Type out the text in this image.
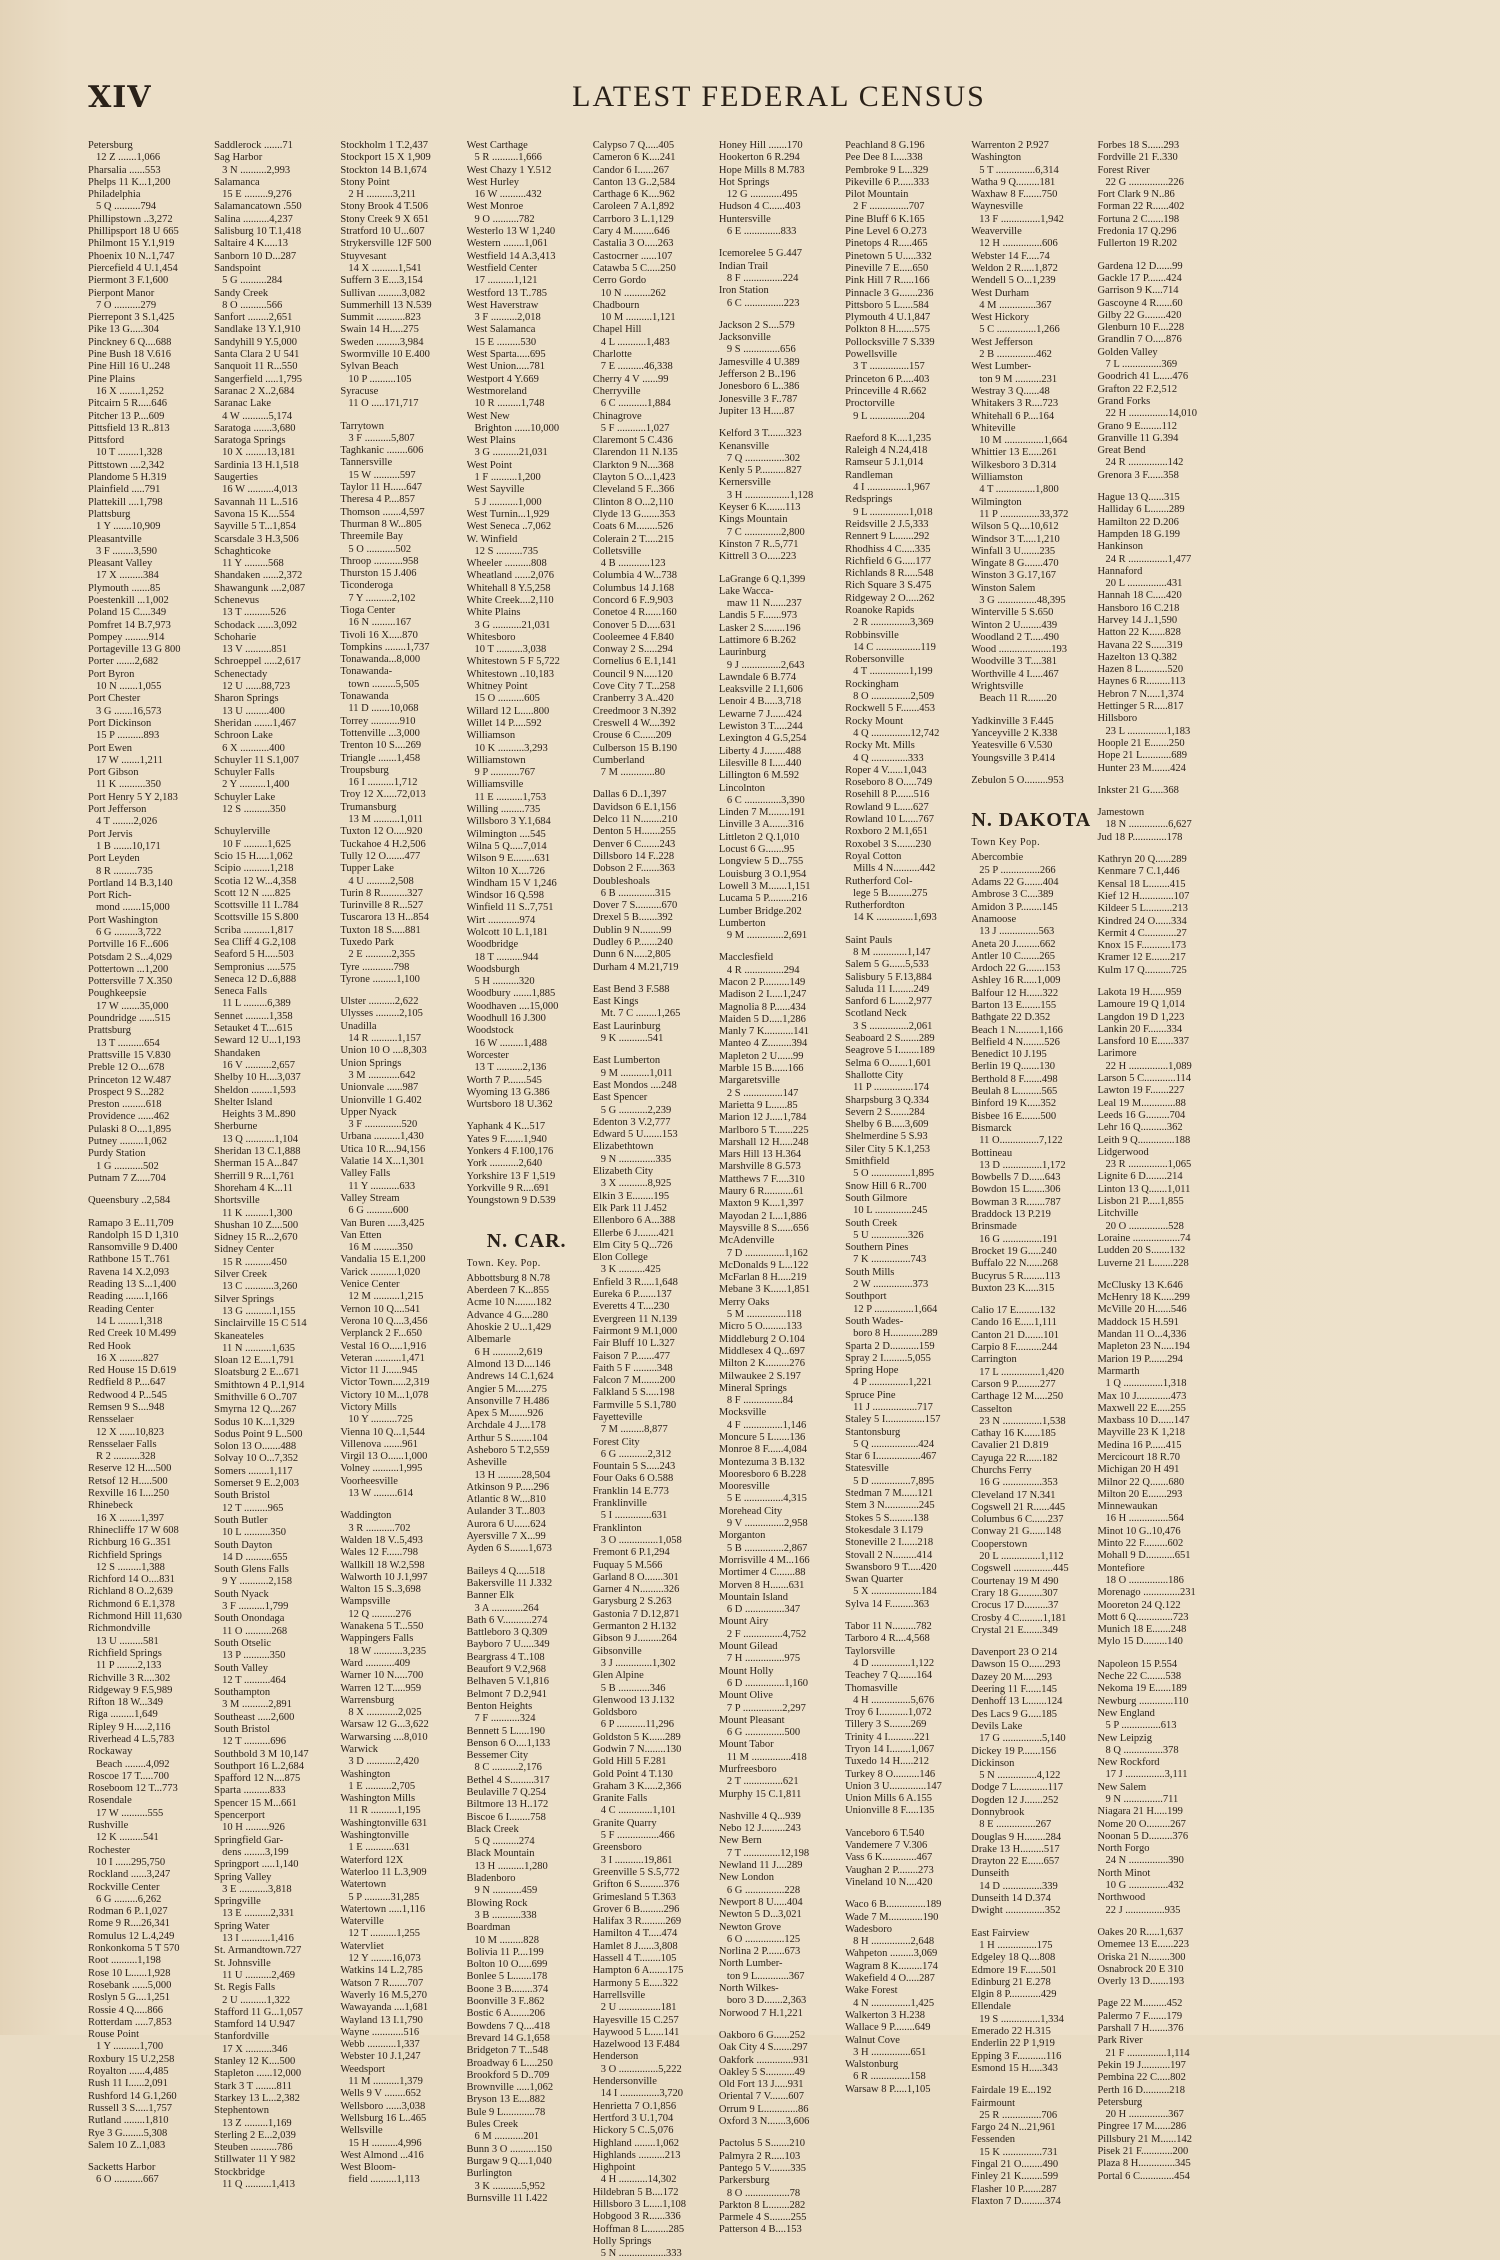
XIV	LATEST FEDERAL CENSUS
Petersburg
12 Z .......1,066
Pharsalia ......553
Phelps 11 K...1,200
Philadelphia
5 Q ..........794
Phillipstown ..3,272
Phillipsport 18 U 665
Philmont 15 Y.1,919
Phoenix 10 N..1,747
Piercefield 4 U.1,454
Piermont 3 F.1,600
Pierpont Manor
7 O ..........279
Pierrepont 3 S.1,425
Pike 13 G.....304
Pinckney 6 Q....688
Pine Bush 18 V.616
Pine Hill 16 U..248
Pine Plains
16 X ........1,252
Pitcairn 5 R.....646
Pitcher 13 P....609
Pittsfield 13 R..813
Pittsford
10 T ........1,328
Pittstown ....2,342
Plandome 5 H.319
Plainfield .....791
Plattekill ....1,798
Plattsburg
1 Y .......10,909
Pleasantville
3 F ........3,590
Pleasant Valley
17 X .........384
Plymouth .......85
Poestenkill ...1,002
Poland 15 C....349
Pomfret 14 B.7,973
Pompey .........914
Portageville 13 G 800
Porter .......2,682
Port Byron
10 N .......1,055
Port Chester
3 G .......16,573
Port Dickinson
15 P ..........893
Port Ewen
17 W .......1,211
Port Gibson
11 K ..........350
Port Henry 5 Y 2,183
Port Jefferson
4 T ........2,026
Port Jervis
1 B .......10,171
Port Leyden
8 R .........735
Portland 14 B.3,140
Port Rich-
mond .......15,000
Port Washington
6 G .........3,722
Portville 16 F...606
Potsdam 2 S...4,029
Pottertown ...1,200
Pottersville 7 X.350
Poughkeepsie
17 W .......35,000
Poundridge ......515
Prattsburg
13 T ..........654
Prattsville 15 V.830
Preble 12 O....678
Princeton 12 W.487
Prospect 9 S...282
Preston .........618
Providence ......462
Pulaski 8 O....1,895
Putney .........1,062
Purdy Station
1 G ...........502
Putnam 7 Z.....704
Queensbury ..2,584
Ramapo 3 E..11,709
Randolph 15 D 1,310
Ransomville 9 D.400
Rathbone 15 T..761
Ravena 14 X.2,093
Reading 13 S...1,400
Reading .......1,166
Reading Center
14 L ........1,318
Red Creek 10 M.499
Red Hook
16 X .........827
Red House 15 D.619
Redfield 8 P....647
Redwood 4 P...545
Remsen 9 S....948
Rensselaer
12 X ......10,823
Rensselaer Falls
R 2 ..........328
Reserve 12 H....500
Retsof 12 H.....500
Rexville 16 I....250
Rhinebeck
16 X ........1,397
Rhinecliffe 17 W 608
Richburg 16 G..351
Richfield Springs
12 S .........1,388
Richford 14 O....831
Richland 8 O..2,639
Richmond 6 E.1,378
Richmond Hill 11,630
Richmondville
13 U .........581
Richfield Springs
11 P ........2,133
Richville 3 R....302
Ridgeway 9 F.5,989
Rifton 18 W...349
Riga .........1,649
Ripley 9 H.....2,116
Riverhead 4 L.5,783
Rockaway
Beach ........4,092
Roscoe 17 T.....700
Roseboom 12 T...773
Rosendale
17 W ..........555
Rushville
12 K .........541
Rochester
10 I ......295,750
Rockland ......3,247
Rockville Center
6 G .........6,262
Rodman 6 P..1,027
Rome 9 R....26,341
Romulus 12 L.4,249
Ronkonkoma 5 T 570
Root ..........1,198
Rose 10 L......1,928
Rosebank ......5,000
Roslyn 5 G....1,251
Rossie 4 Q.....866
Rotterdam .....7,853
Rouse Point
1 Y ..........1,700
Roxbury 15 U.2,258
Royalton ......4,485
Rush 11 I......2,091
Rushford 14 G.1,260
Russell 3 S.....1,757
Rutland ........1,810
Rye 3 G........5,308
Salem 10 Z..1,083
Sacketts Harbor
6 O ...........667
Saddlerock .......71
Sag Harbor
3 N ..........2,993
Salamanca
15 E .........9,276
Salamancatown .550
Salina ..........4,237
Salisburg 10 T.1,418
Saltaire 4 K.....13
Sanborn 10 D...287
Sandspoint
5 G ..........284
Sandy Creek
8 O ..........566
Sanfort ........2,651
Sandlake 13 Y.1,910
Sandyhill 9 Y.5,000
Santa Clara 2 U 541
Sanquoit 11 R...550
Sangerfield .....1,795
Saranac 2 X..2,684
Saranac Lake
4 W ..........5,174
Saratoga .......3,680
Saratoga Springs
10 X ........13,181
Sardinia 13 H.1,518
Saugerties
16 W ..........4,013
Savannah 11 L..516
Savona 15 K....554
Sayville 5 T...1,854
Scarsdale 3 H.3,506
Schaghticoke
11 Y .........568
Shandaken ......2,372
Shawangunk ....2,087
Schenevus
13 T ..........526
Schodack ......3,092
Schoharie
13 V ..........851
Schroeppel .....2,617
Schenectady
12 U ......88,723
Sharon Springs
13 U .........400
Sheridan .......1,467
Schroon Lake
6 X ...........400
Schuyler 11 S.1,007
Schuyler Falls
2 Y ..........1,400
Schuyler Lake
12 S ..........350
Schuylerville
10 F .........1,625
Scio 15 H.....1,062
Scipio ..........1,218
Scotia 12 W...4,358
Scott 12 N .....825
Scottsville 11 I..784
Scottsville 15 S.800
Scriba ..........1,817
Sea Cliff 4 G.2,108
Seaford 5 H.....503
Sempronius .....575
Seneca 12 D..6,888
Seneca Falls
11 L .........6,389
Sennet .........1,358
Setauket 4 T....615
Seward 12 U...1,193
Shandaken
16 V ..........2,657
Shelby 10 H....3,037
Sheldon ........1,593
Shelter Island
Heights 3 M..890
Sherburne
13 Q ...........1,104
Sheridan 13 C.1,888
Sherman 15 A...847
Sherrill 9 R...1,761
Shoreham 4 K...11
Shortsville
11 K .........1,300
Shushan 10 Z....500
Sidney 15 R...2,670
Sidney Center
15 R ..........450
Silver Creek
13 C ...........3,260
Silver Springs
13 G ..........1,155
Sinclairville 15 C 514
Skaneateles
11 N ..........1,635
Sloan 12 E....1,791
Sloatsburg 2 E...671
Smithtown 4 P..1,914
Smithville 6 O..707
Smyrna 12 Q....267
Sodus 10 K...1,329
Sodus Point 9 L..500
Solon 13 O.......488
Solvay 10 O...7,352
Somers ........1,117
Somerset 9 E..2,003
South Bristol
12 T .........965
South Butler
10 L ..........350
South Dayton
14 D ..........655
South Glens Falls
9 Y ...........2,158
South Nyack
3 F ..........1,799
South Onondaga
11 O ..........268
South Otselic
13 P ..........350
South Valley
12 T ..........464
Southampton
3 M ..........2,891
Southeast .....2,600
South Bristol
12 T ..........696
Southbold 3 M 10,147
Southport 16 L.2,684
Spafford 12 N....875
Sparta ..........833
Spencer 15 M...661
Spencerport
10 H .........926
Springfield Gar-
dens ........3,199
Springport .....1,140
Spring Valley
3 E ...........3,818
Springville
13 E ..........2,331
Spring Water
13 I ...........1,416
St. Armandtown.727
St. Johnsville
11 U ..........2,469
St. Regis Falls
2 U ..........1,322
Stafford 11 G...1,057
Stamford 14 U.947
Stanfordville
17 X ..........346
Stanley 12 K....500
Stapleton ......12,000
Stark 3 T ........811
Starkey 13 L...2,382
Stephentown
13 Z .........1,169
Sterling 2 E...2,039
Steuben ..........786
Stillwater 11 Y 982
Stockbridge
11 Q ..........1,413
Stockholm 1 T.2,437
Stockport 15 X 1,909
Stockton 14 B.1,674
Stony Point
2 H ..........3,211
Stony Brook 4 T.506
Stony Creek 9 X 651
Stratford 10 U...607
Strykersville 12F 500
Stuyvesant
14 X ..........1,541
Suffern 3 E....3,154
Sullivan .........3,082
Summerhill 13 N.539
Summit ...........823
Swain 14 H.....275
Sweden .........3,984
Swormville 10 E.400
Sylvan Beach
10 P ..........105
Syracuse
11 O .....171,717
Tarrytown
3 F ..........5,807
Taghkanic ........606
Tannersville
15 W ..........597
Taylor 11 H......647
Theresa 4 P....857
Thomson .......4,597
Thurman 8 W...805
Threemile Bay
5 O ...........502
Throop ...........958
Thurston 15 J.406
Ticonderoga
7 Y ..........2,102
Tioga Center
16 N .........167
Tivoli 16 X.....870
Tompkins ........1,737
Tonawanda...8,000
Tonawanda-
town .........5,505
Tonawanda
11 D .......10,068
Torrey ...........910
Tottenville ...3,000
Trenton 10 S....269
Triangle .......1,458
Troupsburg
16 I ..........1,712
Troy 12 X.....72,013
Trumansburg
13 M ..........1,011
Tuxton 12 O.....920
Tuckahoe 4 H.2,506
Tully 12 O.......477
Tupper Lake
4 U .........2,508
Turin 8 R..........327
Turinville 8 R...527
Tuscarora 13 H...854
Tuxton 18 S.....881
Tuxedo Park
2 E ..........2,355
Tyre ............798
Tyrone .........1,100
Ulster ..........2,622
Ulysses .........2,105
Unadilla
14 R ..........1,157
Union 10 O ....8,303
Union Springs
3 M ............642
Unionvale ......987
Unionville 1 G.402
Upper Nyack
3 F ..............520
Urbana ..........1,430
Utica 10 R....94,156
Valatie 14 X...1,301
Valley Falls
11 Y ...........633
Valley Stream
6 G ..........600
Van Buren .....3,425
Van Etten
16 M .........350
Vandalia 15 E.1,200
Varick ..........1,020
Venice Center
12 M ..........1,215
Vernon 10 Q....541
Verona 10 Q....3,456
Verplanck 2 F...650
Vestal 16 O.....1,916
Veteran ..........1,471
Victor 11 J......945
Victor Town.....2,319
Victory 10 M...1,078
Victory Mills
10 Y ..........725
Vienna 10 Q...1,544
Villenova .......961
Virgil 13 O......1,000
Volney ..........1,995
Voorheesville
13 W .........614
Waddington
3 R ...........702
Walden 18 V..5,493
Wales 12 F......798
Wallkill 18 W.2,598
Walworth 10 J.1,997
Walton 15 S..3,698
Wampsville
12 Q .........276
Wanakena 5 T...550
Wappingers Falls
18 W ...........3,235
Ward ...........409
Warner 10 N.....700
Warren 12 T.....959
Warrensburg
8 X ............2,025
Warsaw 12 G...3,622
Warwarsing ....8,010
Warwick
3 D ...........2,420
Washington
1 E ..........2,705
Washington Mills
11 R ..........1,195
Washingtonville 631
Washingtonville
1 E ...........631
Waterford 12X
Waterloo 11 L.3,909
Watertown
5 P ..........31,285
Watertown .....1,116
Waterville
12 T ..........1,255
Watervliet
12 Y ........16,073
Watkins 14 L.2,785
Watson 7 R.......707
Waverly 16 M.5,270
Wawayanda ....1,681
Wayland 13 I.1,790
Wayne ............516
Webb ...........1,337
Webster 10 J.1,247
Weedsport
11 M ..........1,379
Wells 9 V ........652
Wellsboro ......3,038
Wellsburg 16 L..465
Wellsville
15 H ..........4,996
West Almond ...416
West Bloom-
field ..........1,113
West Carthage
5 R ..........1,666
West Chazy 1 Y.512
West Hurley
16 W ..........432
West Monroe
9 O ..........782
Westerlo 13 W 1,240
Western ........1,061
Westfield 14 A.3,413
Westfield Center
17 ..........1,121
Westford 13 T..785
West Haverstraw
3 F ..........2,018
West Salamanca
15 E .........530
West Sparta.....695
West Union.....781
Westport 4 Y.669
Westmoreland
10 R .........1,748
West New
Brighton ......10,000
West Plains
3 G ..........21,031
West Point
1 F ..........1,200
West Sayville
5 J ...........1,000
West Turnin...1,929
West Seneca ..7,062
W. Winfield
12 S ..........735
Wheeler ..........808
Wheatland ......2,076
Whitehall 8 Y.5,258
White Creek....2,110
White Plains
3 G ...........21,031
Whitesboro
10 T ..........3,038
Whitestown 5 F 5,722
Whitestown ..10,183
Whitney Point
15 O ..........605
Willard 12 L.....800
Willet 14 P.....592
Williamson
10 K ..........3,293
Williamstown
9 P ...........767
Williamsville
11 E ..........1,753
Willing .........735
Willsboro 3 Y.1,684
Wilmington ....545
Wilna 5 Q.....7,014
Wilson 9 E........631
Wilton 10 X....726
Windham 15 V 1,246
Windsor 16 Q.598
Winfield 11 S..7,751
Wirt ............974
Wolcott 10 L.1,181
Woodbridge
18 T ..........944
Woodsburgh
5 H ..........320
Woodbury .......1,885
Woodhaven ....15,000
Woodhull 16 J.300
Woodstock
16 W .........1,488
Worcester
13 T ..........2,136
Worth 7 P.......545
Wyoming 13 G.386
Wurtsboro 18 U.362
Yaphank 4 K...517
Yates 9 F.......1,940
Yonkers 4 F.100,176
York ...........2,640
Yorkshire 13 F 1,519
Yorkville 9 R....691
Youngstown 9 D.539
N. CAR.
Town. Key. Pop.
Abbottsburg 8 N.78
Aberdeen 7 K...855
Acme 10 N........182
Advance 4 G....280
Ahoskie 2 U...1,429
Albemarle
6 H ..........2,619
Almond 13 D....146
Andrews 14 C.1,624
Angier 5 M......275
Ansonville 7 H.486
Apex 5 M.......926
Archdale 4 J....178
Arthur 5 S........104
Asheboro 5 T.2,559
Asheville
13 H .........28,504
Atkinson 9 P.....296
Atlantic 8 W....810
Aulander 3 T...803
Aurora 6 U......624
Ayersville 7 X...99
Ayden 6 S.......1,673
Baileys 4 Q.....518
Bakersville 11 J.332
Banner Elk
3 A ............264
Bath 6 V...........274
Battleboro 3 Q.309
Bayboro 7 U.....349
Beargrass 4 T..108
Beaufort 9 V.2,968
Belhaven 5 V.1,816
Belmont 7 D.2,941
Benton Heights
7 F ...........324
Bennett 5 L.....190
Benson 6 O....1,133
Bessemer City
8 C ..........2,176
Bethel 4 S.........317
Beulaville 7 Q.254
Biltmore 13 H..172
Biscoe 6 I........758
Black Creek
5 Q ..........274
Black Mountain
13 H ..........1,280
Bladenboro
9 N ...........459
Blowing Rock
3 B ...........338
Boardman
10 M .........828
Bolivia 11 P....199
Bolton 10 O.....699
Bonlee 5 L.......178
Boone 3 B........374
Boonville 3 F..862
Bostic 6 A.......206
Bowdens 7 Q....418
Brevard 14 G.1,658
Bridgeton 7 T...548
Broadway 6 L....250
Brookford 5 D..709
Brownville .....1,062
Bryson 13 E....882
Bule 9 L............78
Bules Creek
6 M ...........201
Bunn 3 O ..........150
Burgaw 9 Q....1,040
Burlington
3 K ...........5,952
Burnsville 11 I.422
Calypso 7 Q.....405
Cameron 6 K....241
Candor 6 I......267
Canton 13 G..2,584
Carthage 6 K....962
Caroleen 7 A.1,892
Carrboro 3 L.1,129
Cary 4 M........646
Castalia 3 O.....263
Castocrner ......107
Catawba 5 C.....250
Cerro Gordo
10 N ..........262
Chadbourn
10 M ..........1,121
Chapel Hill
4 L ...........1,483
Charlotte
7 E ..........46,338
Cherry 4 V ......99
Cherryville
6 C ...........1,884
Chinagrove
5 F ...........1,027
Claremont 5 C.436
Clarendon 11 N.135
Clarkton 9 N....368
Clayton 5 O...1,423
Cleveland 5 F...366
Clinton 8 O...2,110
Clyde 13 G.......353
Coats 6 M........526
Colerain 2 T.....215
Colletsville
4 B ............123
Columbia 4 W...738
Columbus 14 J.168
Concord 6 F..9,903
Conetoe 4 R......160
Conover 5 D.....631
Cooleemee 4 F.840
Conway 2 S.....294
Cornelius 6 E.1,141
Council 9 N.....120
Cove City 7 T...258
Cranberry 3 A..420
Creedmoor 3 N.392
Creswell 4 W....392
Crouse 6 C......209
Culberson 15 B.190
Cumberland
7 M .............80
Dallas 6 D..1,397
Davidson 6 E.1,156
Delco 11 N........210
Denton 5 H.......255
Denver 6 C.......243
Dillsboro 14 F..228
Dobson 2 F.......363
Doubleshoals
6 B ..............315
Dover 7 S..........670
Drexel 5 B.......392
Dublin 9 N........99
Dudley 6 P.......240
Dunn 6 N.....2,805
Durham 4 M.21,719
East Bend 3 F.588
East Kings
Mt. 7 C ........1,265
East Laurinburg
9 K ...........541
East Lumberton
9 M ...........1,011
East Mondos ....248
East Spencer
5 G ...........2,239
Edenton 3 V.2,777
Edward 5 U.......153
Elizabethtown
9 N ..............335
Elizabeth City
3 X ...........8,925
Elkin 3 E........195
Elk Park 11 J.452
Ellenboro 6 A...388
Ellerbe 6 J........421
Elm City 5 Q...726
Elon College
3 K ..........425
Enfield 3 R.....1,648
Eureka 6 P.......137
Everetts 4 T....230
Evergreen 11 N.139
Fairmont 9 M.1,000
Fair Bluff 10 L.327
Faison 7 P.......477
Faith 5 F .........348
Falcon 7 M.......200
Falkland 5 S.....198
Farmville 5 S.1,780
Fayetteville
7 M .........8,877
Forest City
6 G ...........2,312
Fountain 5 S.....243
Four Oaks 6 O.588
Franklin 14 E.773
Franklinville
5 I ..............631
Franklinton
3 O ...............1,058
Fremont 6 P.1,294
Fuquay 5 M.566
Garland 8 O.......301
Garner 4 N.........326
Garysburg 2 S.263
Gastonia 7 D.12,871
Germanton 2 H.132
Gibson 9 J.........264
Gibsonville
3 J ..............1,302
Glen Alpine
5 B ............346
Glenwood 13 J.132
Goldsboro
6 P ...........11,296
Goldston 5 K......289
Godwin 7 N........130
Gold Hill 5 F.281
Gold Point 4 T.130
Graham 3 K.....2,366
Granite Falls
4 C .............1,101
Granite Quarry
5 F ................466
Greensboro
3 I ...........19,861
Greenville 5 S.5,772
Grifton 6 S.........376
Grimesland 5 T.363
Grover 6 B.........296
Halifax 3 R.........269
Hamilton 4 T.....474
Hamlet 8 J......3,808
Hassell 4 T........105
Hampton 6 A.......175
Harmony 5 E.....322
Harrellsville
2 U ................181
Hayesville 15 C.257
Haywood 5 L.....141
Hazelwood 13 F.484
Henderson
3 O ...............5,222
Hendersonville
14 I ...............3,720
Henrietta 7 O.1,856
Hertford 3 U.1,704
Hickory 5 C..5,076
Highland ........1,062
Highlands ..........213
Highpoint
4 H ...........14,302
Hildebran 5 B....172
Hillsboro 3 L.....1,108
Hobgood 3 R......336
Hoffman 8 L........285
Holly Springs
5 N ..................333
Honey Hill .......170
Hookerton 6 R.294
Hope Mills 8 M.783
Hot Springs
12 G ............495
Hudson 4 C......403
Huntersville
6 E ..............833
Icemorelee 5 G.447
Indian Trail
8 F ...............224
Iron Station
6 C ...............223
Jackson 2 S....579
Jacksonville
9 S ..............656
Jamesville 4 U.389
Jefferson 2 B..196
Jonesboro 6 L..386
Jonesville 3 F..787
Jupiter 13 H.....87
Kelford 3 T.......323
Kenansville
7 Q ...............302
Kenly 5 P..........827
Kernersville
3 H .................1,128
Keyser 6 K.......113
Kings Mountain
7 C ..............2,800
Kinston 7 R..5,771
Kittrell 3 O.....223
LaGrange 6 Q.1,399
Lake Wacca-
maw 11 N......237
Landis 5 F.......973
Lasker 2 S........196
Lattimore 6 B.262
Laurinburg
9 J ...............2,643
Lawndale 6 B.774
Leaksville 2 I.1,606
Lenoir 4 B.....3,718
Lewarne 7 J......424
Lewiston 3 T.....244
Lexington 4 G.5,254
Liberty 4 J........488
Lilesville 8 I.....440
Lillington 6 M.592
Lincolnton
6 C ..............3,390
Linden 7 M........191
Linville 3 A.......316
Littleton 2 Q.1,010
Locust 6 G.......95
Longview 5 D...755
Louisburg 3 O.1,954
Lowell 3 M.......1,151
Lucama 5 P.........216
Lumber Bridge.202
Lumberton
9 M ..............2,691
Macclesfield
4 R ...............294
Macon 2 P..........149
Madison 2 I.....1,247
Magnolia 8 P......434
Maiden 5 D.....1,286
Manly 7 K...........141
Manteo 4 Z.........394
Mapleton 2 U......99
Marble 15 B......166
Margaretsville
2 S ...............147
Marietta 9 L......85
Marion 12 J.....1,784
Marlboro 5 T.......225
Marshall 12 H.....248
Mars Hill 13 H.364
Marshville 8 G.573
Matthews 7 F.....310
Maury 6 R...........61
Maxton 9 K....1,397
Mayodan 2 I....1,886
Maysville 8 S......656
McAdenville
7 D ...............1,162
McDonalds 9 L...122
McFarlan 8 H.....219
Mebane 3 K......1,851
Merry Oaks
5 M ...............118
Micro 5 O.........133
Middleburg 2 O.104
Middlesex 4 Q...697
Milton 2 K.........276
Milwaukee 2 S.197
Mineral Springs
8 F ...............84
Mocksville
4 F ...............1,146
Moncure 5 L......136
Monroe 8 F......4,084
Montezuma 3 B.132
Mooresboro 6 B.228
Mooresville
5 E ...............4,315
Morehead City
9 V ...............2,958
Morganton
5 B ...............2,867
Morrisville 4 M...166
Mortimer 4 C.......88
Morven 8 H.......631
Mountain Island
6 D ...............347
Mount Airy
2 F ...............4,752
Mount Gilead
7 H ...............975
Mount Holly
6 D ...............1,160
Mount Olive
7 P ...............2,297
Mount Pleasant
6 G ...............500
Mount Tabor
11 M ...............418
Murfreesboro
2 T ...............621
Murphy 15 C.1,811
Nashville 4 Q...939
Nebo 12 J.........243
New Bern
7 T ..............12,198
Newland 11 J....289
New London
6 G ...............228
Newport 8 U.....404
Newton 5 D...3,021
Newton Grove
6 O ...............125
Norlina 2 P.......673
North Lumber-
ton 9 L............367
North Wilkes-
boro 3 D.......2,363
Norwood 7 H.1,221
Oakboro 6 G......252
Oak City 4 S.......297
Oakfork ..............931
Oakley 5 S...........49
Old Fort 13 J.....931
Oriental 7 V.......607
Orrum 9 L.............86
Oxford 3 N.......3,606
Pactolus 5 S.......210
Palmyra 2 R.....103
Pantego 5 V........335
Parkersburg
8 O .................78
Parkton 8 L........282
Parmele 4 S........255
Patterson 4 B....153
Peachland 8 G.196
Pee Dee 8 I.....338
Pembroke 9 L...329
Pikeville 6 P......333
Pilot Mountain
2 F ...............707
Pine Bluff 6 K.165
Pine Level 6 O.273
Pinetops 4 R.....465
Pinetown 5 U.....332
Pineville 7 E.....650
Pink Hill 7 R.....166
Pinnacle 3 G.......236
Pittsboro 5 L.....584
Plymouth 4 U.1,847
Polkton 8 H.......575
Pollocksville 7 S.339
Powellsville
3 T ...............157
Princeton 6 P.....403
Princeville 4 R.662
Proctorville
9 L ...............204
Raeford 8 K....1,235
Raleigh 4 N.24,418
Ramseur 5 J.1,014
Randleman
4 I ...............1,967
Redsprings
9 L ...............1,018
Reidsville 2 J.5,333
Rennert 9 L.......292
Rhodhiss 4 C.....335
Richfield 6 G.....177
Richlands 8 R.....548
Rich Square 3 S.475
Ridgeway 2 O.....262
Roanoke Rapids
2 R ...............3,369
Robbinsville
14 C .................119
Robersonville
4 T ...............1,199
Rockingham
8 O ...............2,509
Rockwell 5 F.......453
Rocky Mount
4 Q ...............12,742
Rocky Mt. Mills
4 Q ..............333
Roper 4 V......1,043
Roseboro 8 O.....749
Rosehill 8 P.......516
Rowland 9 L.....627
Rowland 10 L.....767
Roxboro 2 M.1,651
Roxobel 3 S.......230
Royal Cotton
Mills 4 N..........442
Rutherford Col-
lege 5 B.........275
Rutherfordton
14 K ..............1,693
Saint Pauls
8 M .............1,147
Salem 5 G......5,533
Salisbury 5 F.13,884
Saluda 11 I........249
Sanford 6 L.....2,977
Scotland Neck
3 S ...............2,061
Seaboard 2 S.......289
Seagrove 5 I........189
Selma 6 O.......1,601
Shallotte City
11 P ...............174
Sharpsburg 3 Q.334
Severn 2 S.......284
Shelby 6 B.....3,609
Shelmerdine 5 S.93
Siler City 5 K.1,253
Smithfield
5 O ...............1,895
Snow Hill 6 R..700
South Gilmore
10 L ..............245
South Creek
5 U ..............326
Southern Pines
7 K ...............743
South Mills
2 W ...............373
Southport
12 P ...............1,664
South Wades-
boro 8 H............289
Sparta 2 D...........159
Spray 2 I.........5,055
Spring Hope
4 P ...............1,221
Spruce Pine
11 J .................717
Staley 5 I...............157
Stantonsburg
5 Q ..................424
Star 6 I.................467
Statesville
5 D ...............7,895
Stedman 7 M......121
Stem 3 N.............245
Stokes 5 S.........138
Stokesdale 3 I.179
Stoneville 2 I......218
Stovall 2 N.........414
Swansboro 9 T.....420
Swan Quarter
5 X ...................184
Sylva 14 F.........363
Tabor 11 N.........782
Tarboro 4 R....4,568
Taylorsville
4 D ...............1,122
Teachey 7 Q.......164
Thomasville
4 H ...............5,676
Troy 6 I...........1,072
Tillery 3 S........269
Trinity 4 I..........221
Tryon 14 I........1,067
Tuxedo 14 H.....212
Turkey 8 O..........146
Union 3 U..............147
Union Mills 6 A.155
Unionville 8 F.....135
Vanceboro 6 T.540
Vandemere 7 V.306
Vass 6 K.............467
Vaughan 2 P........273
Vineland 10 N....420
Waco 6 B...............189
Wade 7 M.............190
Wadesboro
8 H ...............2,648
Wahpeton .........3,069
Wagram 8 K.........174
Wakefield 4 O.....287
Wake Forest
4 N ...............1,425
Walkerton 3 H.238
Wallace 9 P........649
Walnut Cove
3 H ...............651
Walstonburg
6 R ...............158
Warsaw 8 P.....1,105
Warrenton 2 P.927
Washington
5 T ...............6,314
Watha 9 Q.........181
Waxhaw 8 F.......750
Waynesville
13 F ...............1,942
Weaverville
12 H ...............606
Webster 14 F.....74
Weldon 2 R.....1,872
Wendell 5 O...1,239
West Durham
4 M ..............367
West Hickory
5 C ...............1,266
West Jefferson
2 B ...............462
West Lumber-
ton 9 M ..........231
Westray 3 Q......48
Whitakers 3 R....723
Whitehall 6 P....164
Whiteville
10 M ...............1,664
Whittier 13 E.....261
Wilkesboro 3 D.314
Williamston
4 T ...............1,800
Wilmington
11 P ...............33,372
Wilson 5 Q....10,612
Windsor 3 T.....1,210
Winfall 3 U.......235
Wingate 8 G.......470
Winston 3 G.17,167
Winston Salem
3 G ...............48,395
Winterville 5 S.650
Winton 2 U........439
Woodland 2 T.....490
Wood ....................193
Woodville 3 T....381
Worthville 4 I.....467
Wrightsville
Beach 11 R.......20
Yadkinville 3 F.445
Yanceyville 2 K.338
Yeatesville 6 V.530
Youngsville 3 P.414
Zebulon 5 O.........953
N. DAKOTA
Town Key Pop.
Abercombie
25 P ...............266
Adams 22 G.......404
Ambrose 3 C....389
Amidon 3 P........145
Anamoose
13 J ...............563
Aneta 20 J.........662
Antler 10 C.......265
Ardoch 22 G.......153
Ashley 16 R.....1,009
Balfour 12 H......322
Barton 13 E.......155
Bathgate 22 D.352
Beach 1 N.........1,166
Belfield 4 N........526
Benedict 10 J.195
Berlin 19 Q.......130
Berthold 8 F.......498
Beulah 8 L.........565
Binford 19 K.....352
Bisbee 16 E.......500
Bismarck
11 O...............7,122
Bottineau
13 D ...............1,172
Bowbells 7 D......643
Bowdon 15 L......306
Bowman 3 R.......787
Braddock 13 P.219
Brinsmade
16 G ...............191
Brocket 19 G.....240
Buffalo 22 N......268
Bucyrus 5 R........113
Buxton 23 K.....315
Calio 17 E.........132
Cando 16 E.....1,111
Canton 21 D.......101
Carpio 8 F..........244
Carrington
17 L ...............1,420
Carson 9 P.........277
Carthage 12 M.....250
Casselton
23 N ...............1,538
Cathay 16 K......185
Cavalier 21 D.819
Cayuga 22 R......182
Churchs Ferry
16 G ...............353
Cleveland 17 N.341
Cogswell 21 R......445
Columbus 6 C......237
Conway 21 G......148
Cooperstown
20 L ...............1,112
Cogswell ...............445
Courtenay 19 M 490
Crary 18 G.........307
Crocus 17 D.........37
Crosby 4 C.........1,181
Crystal 21 E.......349
Davenport 23 O 214
Dawson 15 O......293
Dazey 20 M.....293
Deering 11 F......145
Denhoff 13 L.......124
Des Lacs 9 G.....185
Devils Lake
17 G ...............5,140
Dickey 19 P.......156
Dickinson
5 N ...............4,122
Dodge 7 L............117
Dogden 12 J.......252
Donnybrook
8 E ...............267
Douglas 9 H........284
Drake 13 H.........517
Drayton 22 E......657
Dunseith
14 D ...............339
Dunseith 14 D.374
Dwight ...............352
East Fairview
1 H ...............175
Edgeley 18 Q....808
Edmore 19 F......501
Edinburg 21 E.278
Elgin 8 P............429
Ellendale
19 S ...............1,334
Emerado 22 H.315
Enderlin 22 P 1,919
Epping 3 F...........116
Esmond 15 H.....343
Fairdale 19 E...192
Fairmount
25 R ...............706
Fargo 24 N...21,961
Fessenden
15 K ...............731
Fingal 21 O........490
Finley 21 K........599
Flasher 10 P.......287
Flaxton 7 D.........374
Forbes 18 S......293
Fordville 21 F..330
Forest River
22 G ...............226
Fort Clark 9 N..86
Forman 22 R......402
Fortuna 2 C......198
Fredonia 17 Q.296
Fullerton 19 R.202
Gardena 12 D......99
Gackle 17 P.......424
Garrison 9 K....714
Gascoyne 4 R......60
Gilby 22 G........420
Glenburn 10 F....228
Grandlin 7 O.....876
Golden Valley
7 L ...............369
Goodrich 41 L.....476
Grafton 22 F.2,512
Grand Forks
22 H ...............14,010
Grano 9 E........112
Granville 11 G.394
Great Bend
24 R ...............142
Grenora 3 F......358
Hague 13 Q......315
Halliday 6 L.......289
Hamilton 22 D.206
Hampden 18 G.199
Hankinson
24 R ...............1,477
Hannaford
20 L ...............431
Hannah 18 C.....420
Hansboro 16 C.218
Harvey 14 J..1,590
Hatton 22 K......828
Havana 22 S......319
Hazelton 13 Q.382
Hazen 8 L..........520
Haynes 6 R.........113
Hebron 7 N.....1,374
Hettinger 5 R.....817
Hillsboro
23 L ...............1,183
Hoople 21 E.......250
Hope 21 L...........689
Hunter 23 M.......424
Inkster 21 G.....368
Jamestown
18 N ...............6,627
Jud 18 P.............178
Kathryn 20 Q......289
Kenmare 7 C.1,446
Kensal 18 L........415
Kief 12 H.............107
Kildeer 5 L..........213
Kindred 24 O......334
Kermit 4 C............27
Knox 15 F...........173
Kramer 12 E.......217
Kulm 17 Q..........725
Lakota 19 H......959
Lamoure 19 Q 1,014
Langdon 19 D 1,223
Lankin 20 F.......334
Lansford 10 E......337
Larimore
22 H ...............1,089
Larson 5 C............114
Lawton 19 F.......227
Leal 19 M.............88
Leeds 16 G.........704
Lehr 16 Q..........362
Leith 9 Q..............188
Lidgerwood
23 R ...............1,065
Lignite 6 D........214
Linton 13 Q.......1,011
Lisbon 21 P.....1,855
Litchville
20 O ...............528
Loraine ..................74
Ludden 20 S.......132
Luverne 21 L.......228
McClusky 13 K.646
McHenry 18 K.....299
McVille 20 H......546
Maddock 15 H.591
Mandan 11 O...4,336
Mapleton 23 N.....194
Marion 19 P.......294
Marmarth
1 Q ...............1,318
Max 10 J.............473
Maxwell 22 E.....255
Maxbass 10 D......147
Mayville 23 K 1,218
Medina 16 P......415
Mercicourt 18 R.70
Michigan 20 H 491
Milnor 22 Q.......680
Milton 20 E.......293
Minnewaukan
16 H ...............564
Minot 10 G..10,476
Minto 22 F.........602
Mohall 9 D...........651
Montefiore
18 O ...............186
Morenago ..............231
Mooreton 24 Q.122
Mott 6 Q..............723
Munich 18 E.......248
Mylo 15 D.........140
Napoleon 15 P.554
Neche 22 C.......538
Nekoma 19 E......189
Newburg .............110
New England
5 P ...............613
New Leipzig
8 Q ...............378
New Rockford
17 J ...............3,111
New Salem
9 N ...............711
Niagara 21 H.....199
Nome 20 O.........267
Noonan 5 D.........376
North Forgo
24 N ...............390
North Minot
10 G ...............432
Northwood
22 J ...............935
Oakes 20 R.....1,637
Omemee 13 E......223
Oriska 21 N........300
Osnabrock 20 E 310
Overly 13 D.......193
Page 22 M.........452
Palermo 7 F.......179
Parshall 7 H.......376
Park River
21 F ...............1,114
Pekin 19 J...........197
Pembina 22 C.....802
Perth 16 D..........218
Petersburg
20 H ...............367
Pingree 17 M......286
Pillsbury 21 M......142
Pisek 21 F............200
Plaza 8 H..............345
Portal 6 C.............454
